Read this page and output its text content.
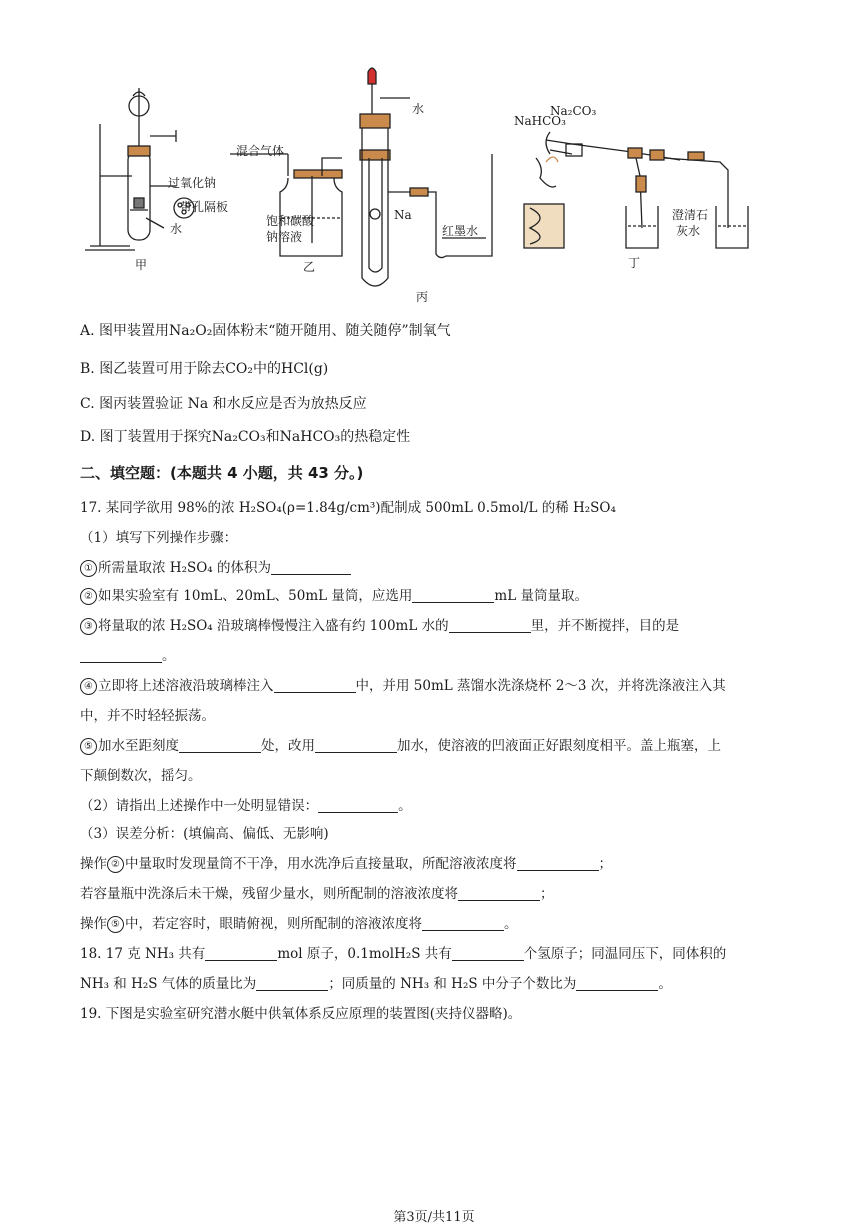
过氧化钠
带孔隔板
水
甲
混合气体
饱和碳酸
钠溶液
乙
水
Na
红墨水
丙
NaHCO₃
Na₂CO₃
澄清石
灰水
丁
A. 图甲装置用Na₂O₂固体粉末“随开随用、随关随停”制氧气
B. 图乙装置可用于除去CO₂中的HCl(g)
C. 图丙装置验证 Na 和水反应是否为放热反应
D. 图丁装置用于探究Na₂CO₃和NaHCO₃的热稳定性
二、填空题：(本题共 4 小题，共 43 分。)
17. 某同学欲用 98%的浓 H₂SO₄(ρ=1.84g/cm³)配制成 500mL 0.5mol/L 的稀 H₂SO₄
（1）填写下列操作步骤：
① 所需量取浓 H₂SO₄ 的体积为
② 如果实验室有 10mL、20mL、50mL 量筒，应选用	mL 量筒量取。
③ 将量取的浓 H₂SO₄ 沿玻璃棒慢慢注入盛有约 100mL 水的	里，并不断搅拌，目的是
。
④ 立即将上述溶液沿玻璃棒注入	中，并用 50mL 蒸馏水洗涤烧杯 2～3 次，并将洗涤液注入其
中，并不时轻轻振荡。
⑤ 加水至距刻度	处，改用	加水，使溶液的凹液面正好跟刻度相平。盖上瓶塞，上
下颠倒数次，摇匀。
（2）请指出上述操作中一处明显错误：	。
（3）误差分析：(填偏高、偏低、无影响)
操作 ② 中量取时发现量筒不干净，用水洗净后直接量取，所配溶液浓度将	；
若容量瓶中洗涤后未干燥，残留少量水，则所配制的溶液浓度将	；
操作 ⑤ 中，若定容时，眼睛俯视，则所配制的溶液浓度将	。
18. 17 克 NH₃ 共有	mol 原子，0.1molH₂S 共有	个氢原子；同温同压下，同体积的
NH₃ 和 H₂S 气体的质量比为	；同质量的 NH₃ 和 H₂S 中分子个数比为	。
19. 下图是实验室研究潜水艇中供氧体系反应原理的装置图(夹持仪器略)。
第3页/共11页
